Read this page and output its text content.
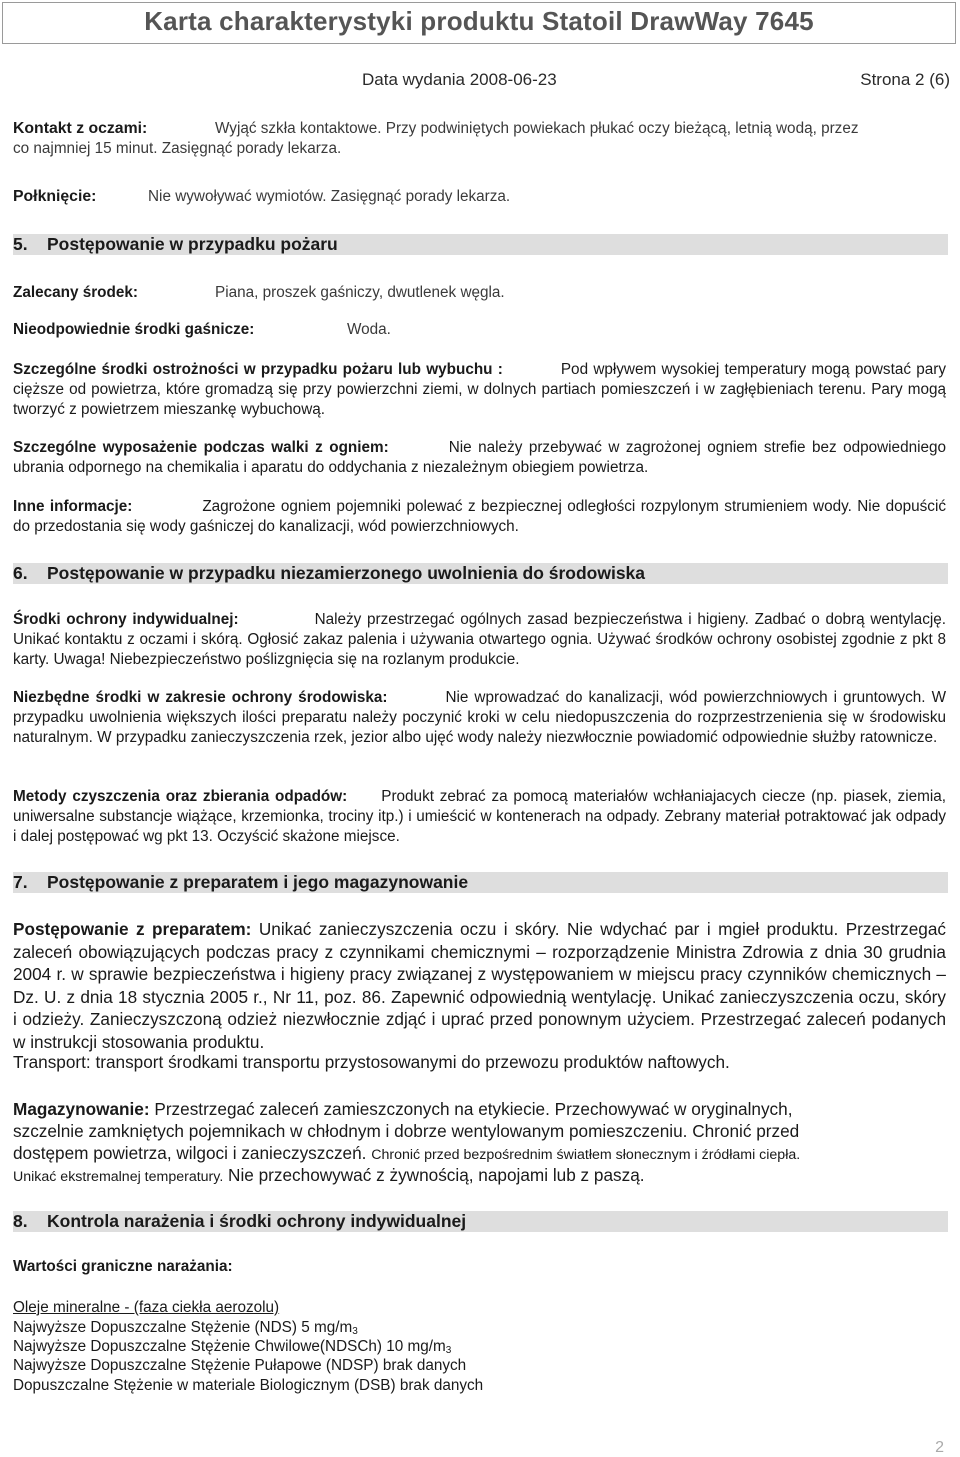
Karta charakterystyki produktu Statoil DrawWay 7645
Data wydania 2008-06-23	Strona 2 (6)
Kontakt z oczami:	Wyjąć szkła kontaktowe. Przy podwiniętych powiekach płukać oczy bieżącą, letnią wodą, przez
co najmniej 15 minut. Zasięgnąć porady lekarza.
Połknięcie:	Nie wywoływać wymiotów. Zasięgnąć porady lekarza.
5. Postępowanie w przypadku pożaru
Zalecany środek:	Piana, proszek gaśniczy, dwutlenek węgla.
Nieodpowiednie środki gaśnicze:	Woda.
Szczególne środki ostrożności w przypadku pożaru lub wybuchu :	Pod wpływem wysokiej temperatury mogą powstać pary cięższe od powietrza, które gromadzą się przy powierzchni ziemi, w dolnych partiach pomieszczeń i w zagłębieniach terenu. Pary mogą tworzyć z powietrzem mieszankę wybuchową.
Szczególne wyposażenie podczas walki z ogniem:	Nie należy przebywać w zagrożonej ogniem strefie bez odpowiedniego ubrania odpornego na chemikalia i aparatu do oddychania z niezależnym obiegiem powietrza.
Inne informacje:	Zagrożone ogniem pojemniki polewać z bezpiecznej odległości rozpylonym strumieniem wody. Nie dopuścić do przedostania się wody gaśniczej do kanalizacji, wód powierzchniowych.
6. Postępowanie w przypadku niezamierzonego uwolnienia do środowiska
Środki ochrony indywidualnej:	Należy przestrzegać ogólnych zasad bezpieczeństwa i higieny. Zadbać o dobrą wentylację. Unikać kontaktu z oczami i skórą. Ogłosić zakaz palenia i używania otwartego ognia. Używać środków ochrony osobistej zgodnie z pkt 8 karty. Uwaga! Niebezpieczeństwo poślizgnięcia się na rozlanym produkcie.
Niezbędne środki w zakresie ochrony środowiska:	Nie wprowadzać do kanalizacji, wód powierzchniowych i gruntowych. W przypadku uwolnienia większych ilości preparatu należy poczynić kroki w celu niedopuszczenia do rozprzestrzenienia się w środowisku naturalnym. W przypadku zanieczyszczenia rzek, jezior albo ujęć wody należy niezwłocznie powiadomić odpowiednie służby ratownicze.
Metody czyszczenia oraz zbierania odpadów: Produkt zebrać za pomocą materiałów wchłaniajacych ciecze (np. piasek, ziemia, uniwersalne substancje wiążące, krzemionka, trociny itp.) i umieścić w kontenerach na odpady. Zebrany materiał potraktować jak odpady i dalej postępować wg pkt 13. Oczyścić skażone miejsce.
7. Postępowanie z preparatem i jego magazynowanie
Postępowanie z preparatem: Unikać zanieczyszczenia oczu i skóry. Nie wdychać par i mgieł produktu. Przestrzegać zaleceń obowiązujących podczas pracy z czynnikami chemicznymi – rozporządzenie Ministra Zdrowia z dnia 30 grudnia 2004 r. w sprawie bezpieczeństwa i higieny pracy związanej z występowaniem w miejscu pracy czynników chemicznych – Dz. U. z dnia 18 stycznia 2005 r., Nr 11, poz. 86. Zapewnić odpowiednią wentylację. Unikać zanieczyszczenia oczu, skóry i odzieży. Zanieczyszczoną odzież niezwłocznie zdjąć i uprać przed ponownym użyciem. Przestrzegać zaleceń podanych w instrukcji stosowania produktu.
Transport: transport środkami transportu przystosowanymi do przewozu produktów naftowych.
Magazynowanie: Przestrzegać zaleceń zamieszczonych na etykiecie. Przechowywać w oryginalnych,
szczelnie zamkniętych pojemnikach w chłodnym i dobrze wentylowanym pomieszczeniu. Chronić przed
dostępem powietrza, wilgoci i zanieczyszczeń. Chronić przed bezpośrednim światłem słonecznym i źródłami ciepła.
Unikać ekstremalnej temperatury. Nie przechowywać z żywnością, napojami lub z paszą.
8. Kontrola narażenia i środki ochrony indywidualnej
Wartości graniczne narażania:
Oleje mineralne - (faza ciekła aerozolu)
Najwyższe Dopuszczalne Stężenie (NDS) 5 $mg/m_3$
Najwyższe Dopuszczalne Stężenie Chwilowe(NDSCh) 10 $mg/m_3$
Najwyższe Dopuszczalne Stężenie Pułapowe (NDSP) brak danych
Dopuszczalne Stężenie w materiale Biologicznym (DSB) brak danych
2
